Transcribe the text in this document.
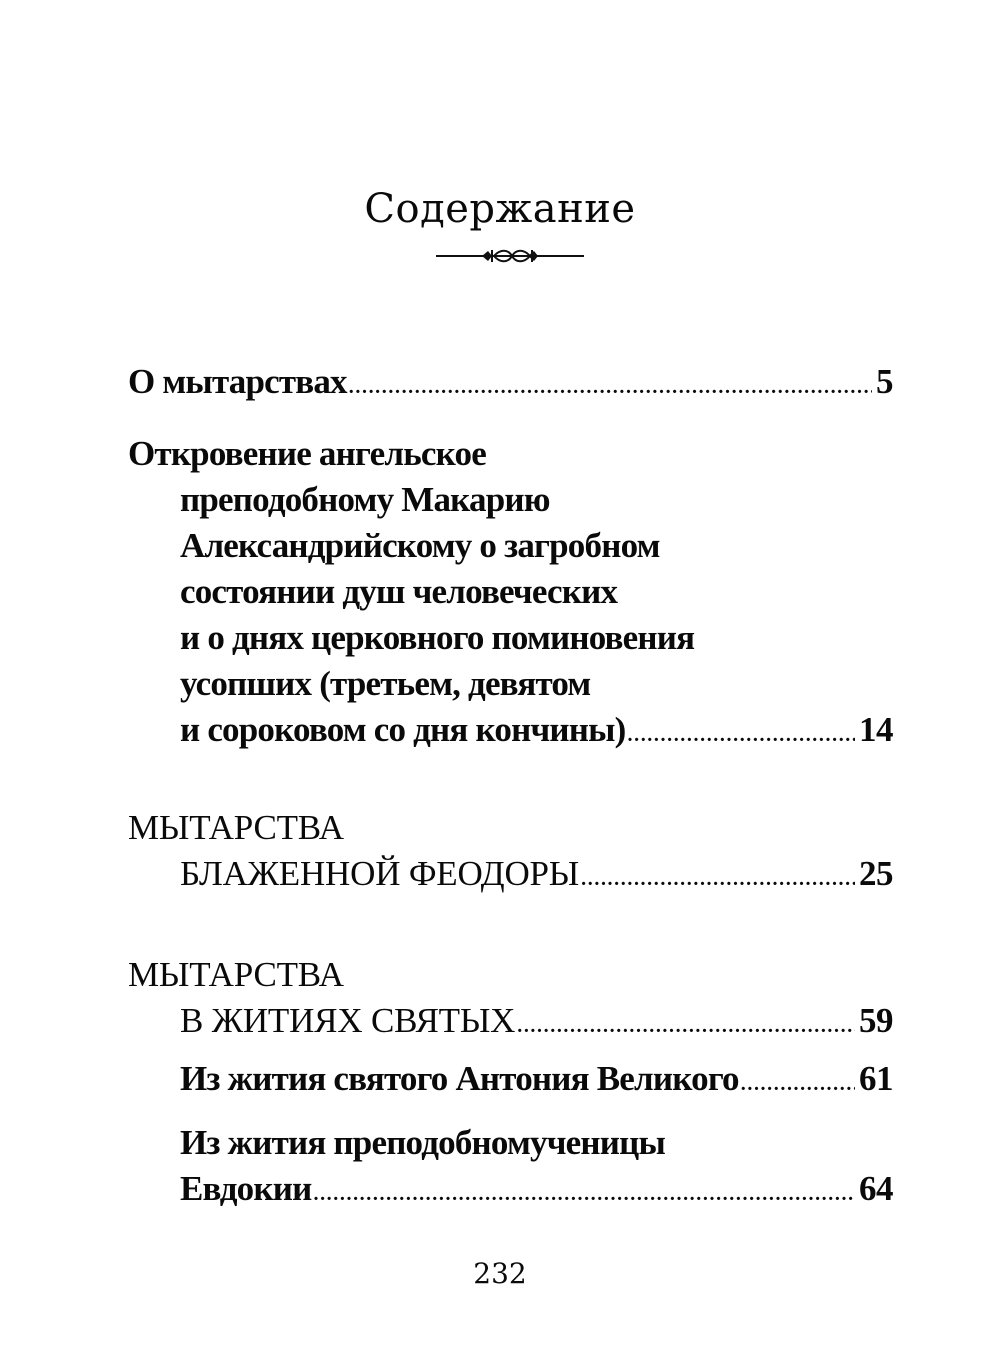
Содержание
О мытарствах .....	5
Откровение ангельское
преподобному Макарию
Александрийскому о загробном
состоянии душ человеческих
и о днях церковного поминовения
усопших (третьем, девятом
и сороковом со дня кончины) .....	14
МЫТАРСТВА
БЛАЖЕННОЙ ФЕОДОРЫ .....	25
МЫТАРСТВА
В ЖИТИЯХ СВЯТЫХ .....	59
Из жития святого Антония Великого .....	61
Из жития преподобномученицы
Евдокии .....	64
232
